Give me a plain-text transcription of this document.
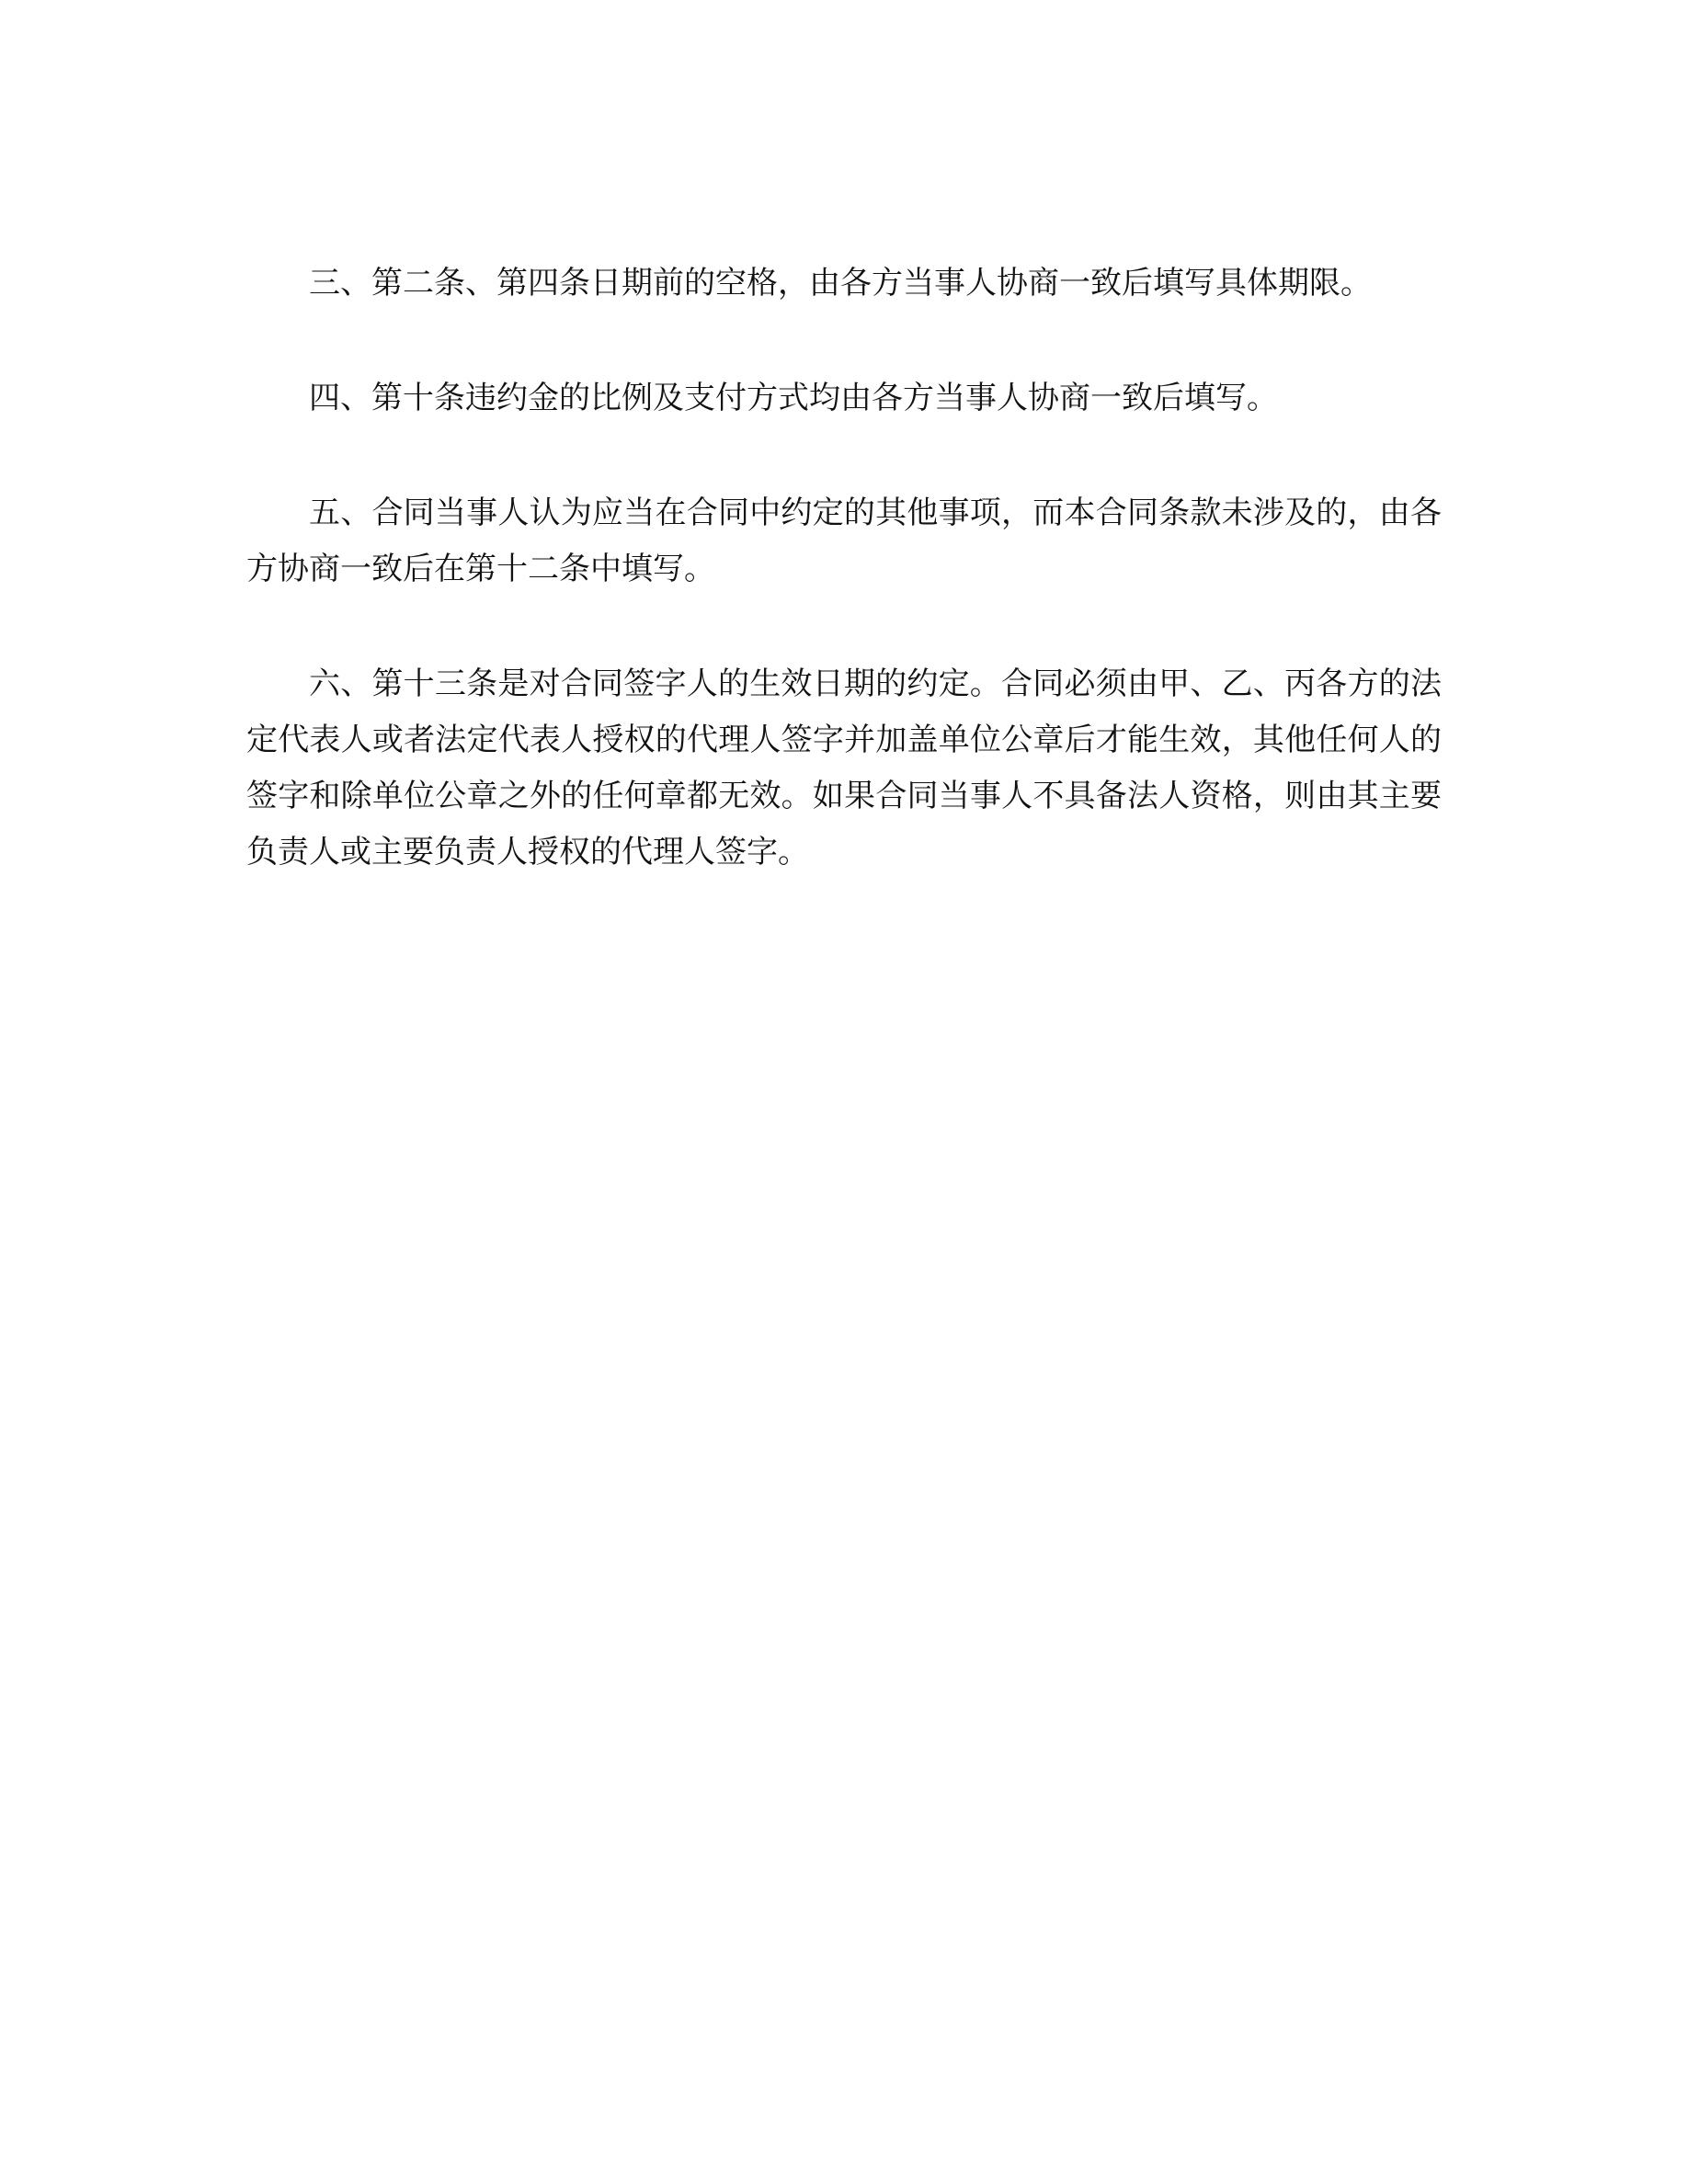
三、第二条、第四条日期前的空格，由各方当事人协商一致后填写具体期限。

四、第十条违约金的比例及支付方式均由各方当事人协商一致后填写。

五、合同当事人认为应当在合同中约定的其他事项，而本合同条款未涉及的，由各方协商一致后在第十二条中填写。

六、第十三条是对合同签字人的生效日期的约定。合同必须由甲、乙、丙各方的法定代表人或者法定代表人授权的代理人签字并加盖单位公章后才能生效，其他任何人的签字和除单位公章之外的任何章都无效。如果合同当事人不具备法人资格，则由其主要负责人或主要负责人授权的代理人签字。
